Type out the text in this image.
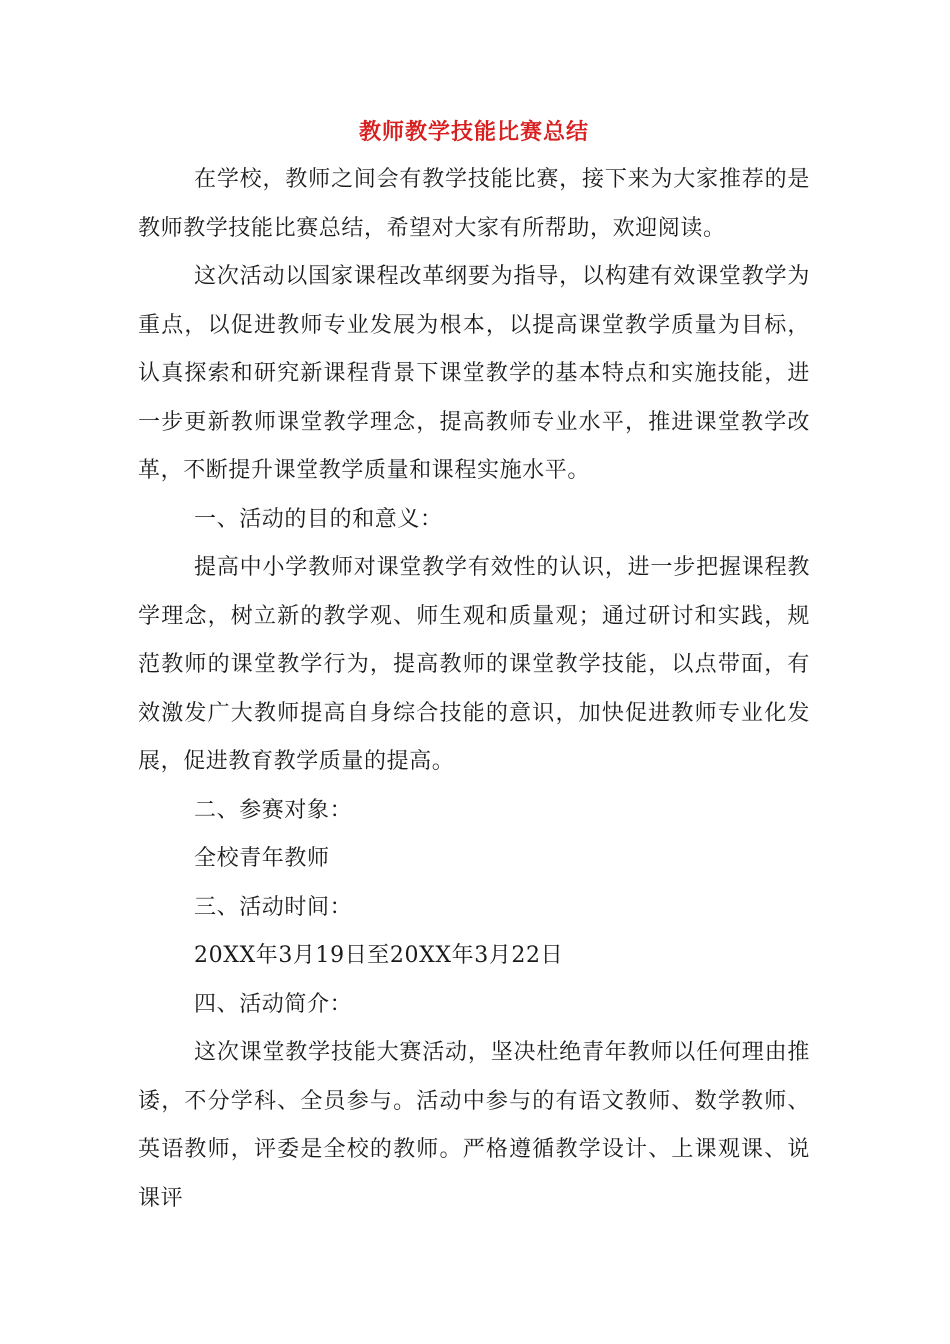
教师教学技能比赛总结

在学校，教师之间会有教学技能比赛，接下来为大家推荐的是教师教学技能比赛总结，希望对大家有所帮助，欢迎阅读。

这次活动以国家课程改革纲要为指导，以构建有效课堂教学为重点，以促进教师专业发展为根本，以提高课堂教学质量为目标，认真探索和研究新课程背景下课堂教学的基本特点和实施技能，进一步更新教师课堂教学理念，提高教师专业水平，推进课堂教学改革，不断提升课堂教学质量和课程实施水平。

一、活动的目的和意义：

提高中小学教师对课堂教学有效性的认识，进一步把握课程教学理念，树立新的教学观、师生观和质量观；通过研讨和实践，规范教师的课堂教学行为，提高教师的课堂教学技能，以点带面，有效激发广大教师提高自身综合技能的意识，加快促进教师专业化发展，促进教育教学质量的提高。

二、参赛对象：

全校青年教师

三、活动时间：

20XX年3月19日至20XX年3月22日

四、活动简介：

这次课堂教学技能大赛活动，坚决杜绝青年教师以任何理由推诿，不分学科、全员参与。活动中参与的有语文教师、数学教师、英语教师，评委是全校的教师。严格遵循教学设计、上课观课、说课评
